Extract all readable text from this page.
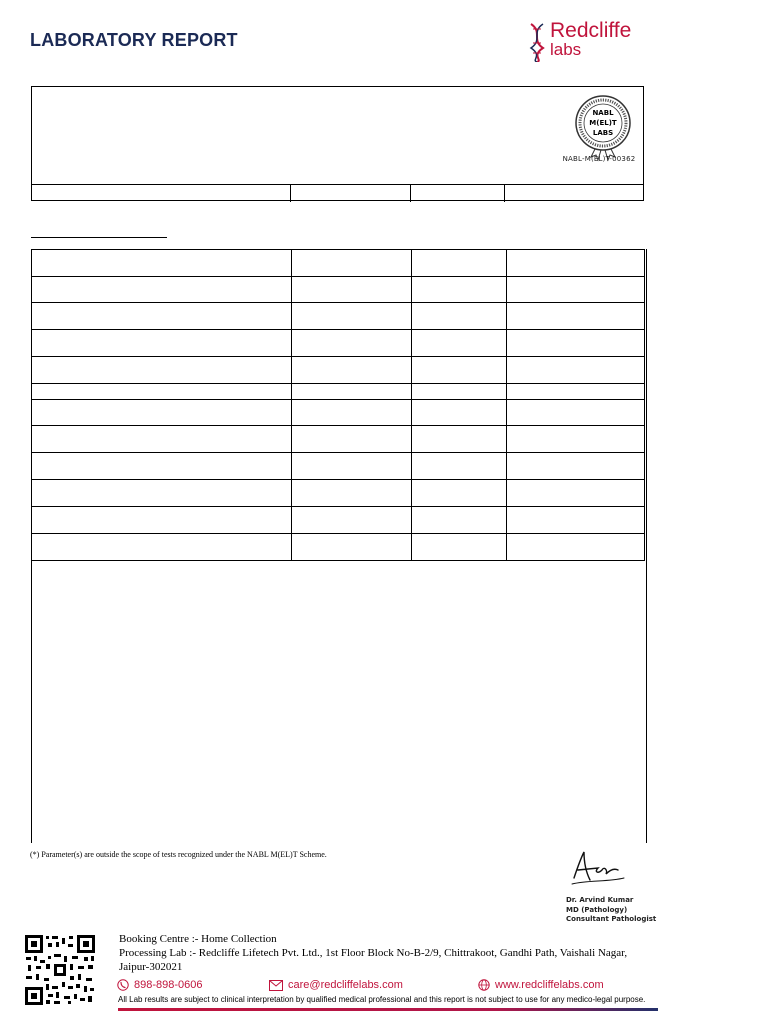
LABORATORY REPORT	Redcliffe
labs
NABL
M(EL)T
LABS
NABL-M(EL)T-00362

(*) Parameter(s) are outside the scope of tests recognized under the NABL M(EL)T Scheme.
Dr. Arvind Kumar
MD (Pathology)
Consultant Pathologist
Booking Centre :- Home Collection
Processing Lab :- Redcliffe Lifetech Pvt. Ltd., 1st Floor Block No-B-2/9, Chittrakoot, Gandhi Path, Vaishali Nagar,
Jaipur-302021
898-898-0606	care@redcliffelabs.com	www.redcliffelabs.com
All Lab results are subject to clinical interpretation by qualified medical professional and this report is not subject to use for any medico-legal purpose.
